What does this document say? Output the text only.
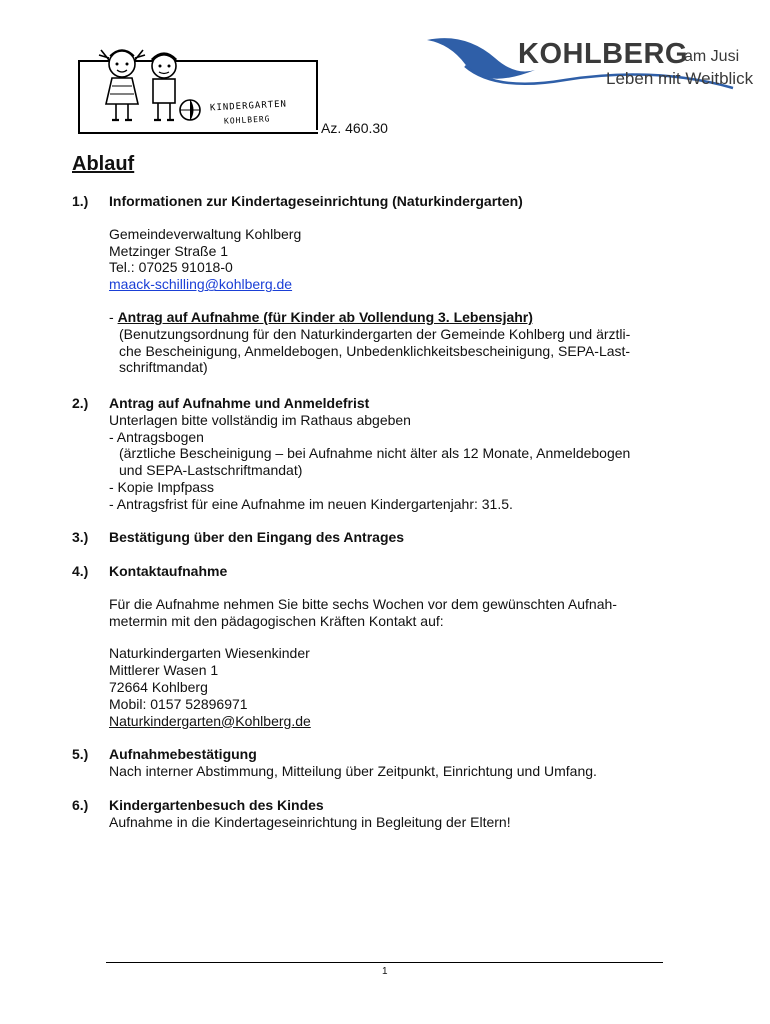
KINDERGARTEN
KOHLBERG	Az. 460.30
KOHLBERG
am Jusi
Leben mit Weitblick
Ablauf
1.) Informationen zur Kindertageseinrichtung (Naturkindergarten)
Gemeindeverwaltung Kohlberg
Metzinger Straße 1
Tel.: 07025 91018-0
maack-schilling@kohlberg.de
- Antrag auf Aufnahme (für Kinder ab Vollendung 3. Lebensjahr)
(Benutzungsordnung für den Naturkindergarten der Gemeinde Kohlberg und ärztli-
che Bescheinigung, Anmeldebogen, Unbedenklichkeitsbescheinigung, SEPA-Last-
schriftmandat)
2.) Antrag auf Aufnahme und Anmeldefrist
Unterlagen bitte vollständig im Rathaus abgeben
- Antragsbogen
(ärztliche Bescheinigung – bei Aufnahme nicht älter als 12 Monate, Anmeldebogen
und SEPA-Lastschriftmandat)
- Kopie Impfpass
- Antragsfrist für eine Aufnahme im neuen Kindergartenjahr: 31.5.
3.) Bestätigung über den Eingang des Antrages
4.) Kontaktaufnahme
Für die Aufnahme nehmen Sie bitte sechs Wochen vor dem gewünschten Aufnah-
metermin mit den pädagogischen Kräften Kontakt auf:
Naturkindergarten Wiesenkinder
Mittlerer Wasen 1
72664 Kohlberg
Mobil: 0157 52896971
Naturkindergarten@Kohlberg.de
5.) Aufnahmebestätigung
Nach interner Abstimmung, Mitteilung über Zeitpunkt, Einrichtung und Umfang.
6.) Kindergartenbesuch des Kindes
Aufnahme in die Kindertageseinrichtung in Begleitung der Eltern!
1
